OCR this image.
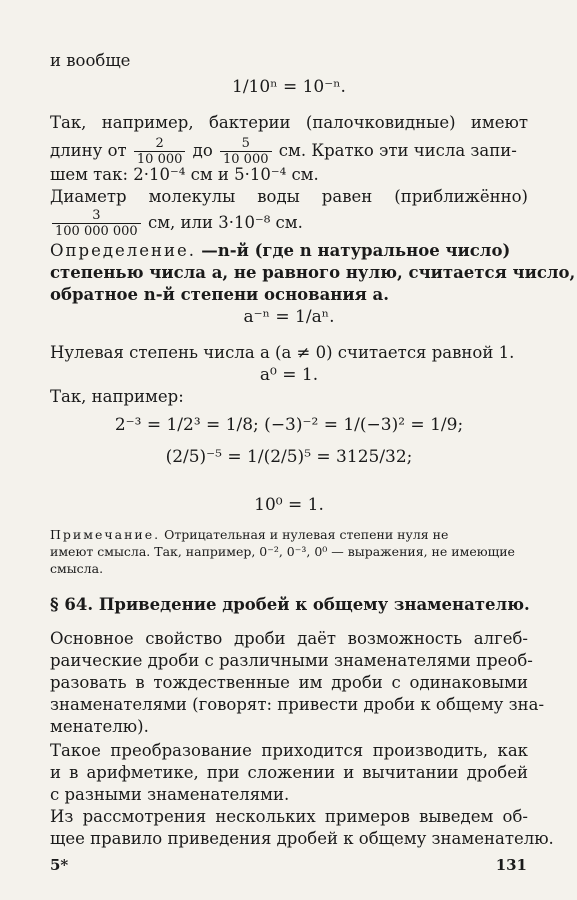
и вообще
1/10ⁿ = 10⁻ⁿ.
Так, например, бактерии (палочковидные) имеют
длину от $\frac{2}{10 000}$ до $\frac{5}{10 000}$ см. Кратко эти числа запи-
шем так: 2·10⁻⁴ см и 5·10⁻⁴ см.
Диаметр молекулы воды равен (приближённо)
$\frac{3}{100 000 000}$ см, или 3·10⁻⁸ см.
Определение. —n-й (где n натуральное число)
степенью числа a, не равного нулю, считается число,
обратное n-й степени основания a.
a⁻ⁿ = 1/aⁿ.
Нулевая степень числа a (a ≠ 0) считается равной 1.
a⁰ = 1.
Так, например:
2⁻³ = 1/2³ = 1/8; (−3)⁻² = 1/(−3)² = 1/9;
(2/5)⁻⁵ = 1/(2/5)⁵ = 3125/32;
10⁰ = 1.
Примечание. Отрицательная и нулевая степени нуля не
имеют смысла. Так, например, 0⁻², 0⁻³, 0⁰ — выражения, не имеющие
смысла.
§ 64. Приведение дробей к общему знаменателю.
Основное свойство дроби даёт возможность алгеб-
раические дроби с различными знаменателями преоб-
разовать в тождественные им дроби с одинаковыми
знаменателями (говорят: привести дроби к общему зна-
менателю).
Такое преобразование приходится производить, как
и в арифметике, при сложении и вычитании дробей
с разными знаменателями.
Из рассмотрения нескольких примеров выведем об-
щее правило приведения дробей к общему знаменателю.
5*	131
